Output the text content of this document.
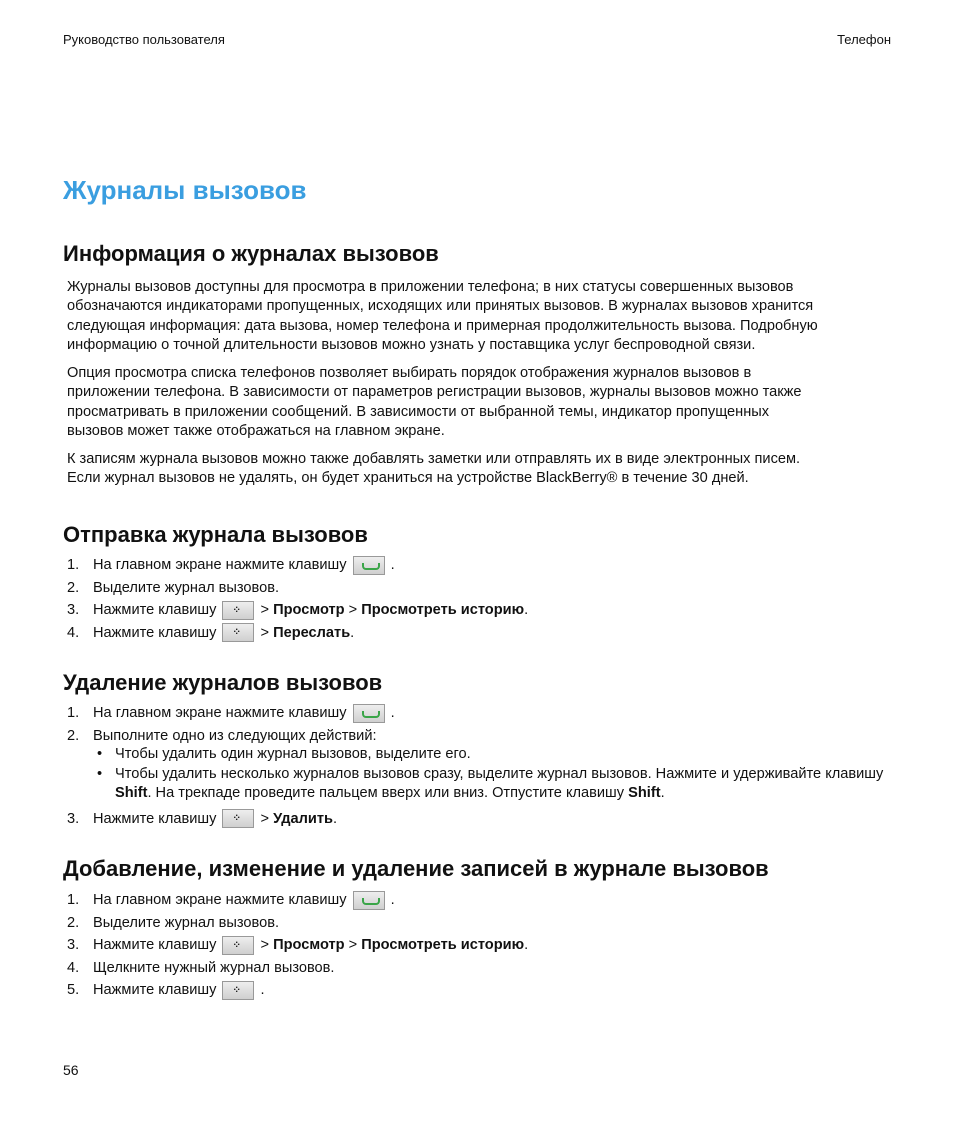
Руководство пользователя	Телефон
Журналы вызовов
Информация о журналах вызовов

Журналы вызовов доступны для просмотра в приложении телефона; в них статусы совершенных вызовов
обозначаются индикаторами пропущенных, исходящих или принятых вызовов. В журналах вызовов хранится
следующая информация: дата вызова, номер телефона и примерная продолжительность вызова. Подробную
информацию о точной длительности вызовов можно узнать у поставщика услуг беспроводной связи.

Опция просмотра списка телефонов позволяет выбирать порядок отображения журналов вызовов в
приложении телефона. В зависимости от параметров регистрации вызовов, журналы вызовов можно также
просматривать в приложении сообщений. В зависимости от выбранной темы, индикатор пропущенных
вызовов может также отображаться на главном экране.

К записям журнала вызовов можно также добавлять заметки или отправлять их в виде электронных писем.
Если журнал вызовов не удалять, он будет храниться на устройстве BlackBerry® в течение 30 дней.

Отправка журнала вызовов
1. На главном экране нажмите клавишу  .
2. Выделите журнал вызовов.
3. Нажмите клавишу ⁘ > Просмотр > Просмотреть историю.
4. Нажмите клавишу ⁘ > Переслать.
Удаление журналов вызовов
1. На главном экране нажмите клавишу  .
2. Выполните одно из следующих действий:
• Чтобы удалить один журнал вызовов, выделите его.
• Чтобы удалить несколько журналов вызовов сразу, выделите журнал вызовов. Нажмите и удерживайте клавишу Shift. На трекпаде проведите пальцем вверх или вниз. Отпустите клавишу Shift.
3. Нажмите клавишу ⁘ > Удалить.
Добавление, изменение и удаление записей в журнале вызовов
1. На главном экране нажмите клавишу  .
2. Выделите журнал вызовов.
3. Нажмите клавишу ⁘ > Просмотр > Просмотреть историю.
4. Щелкните нужный журнал вызовов.
5. Нажмите клавишу ⁘ .
56
